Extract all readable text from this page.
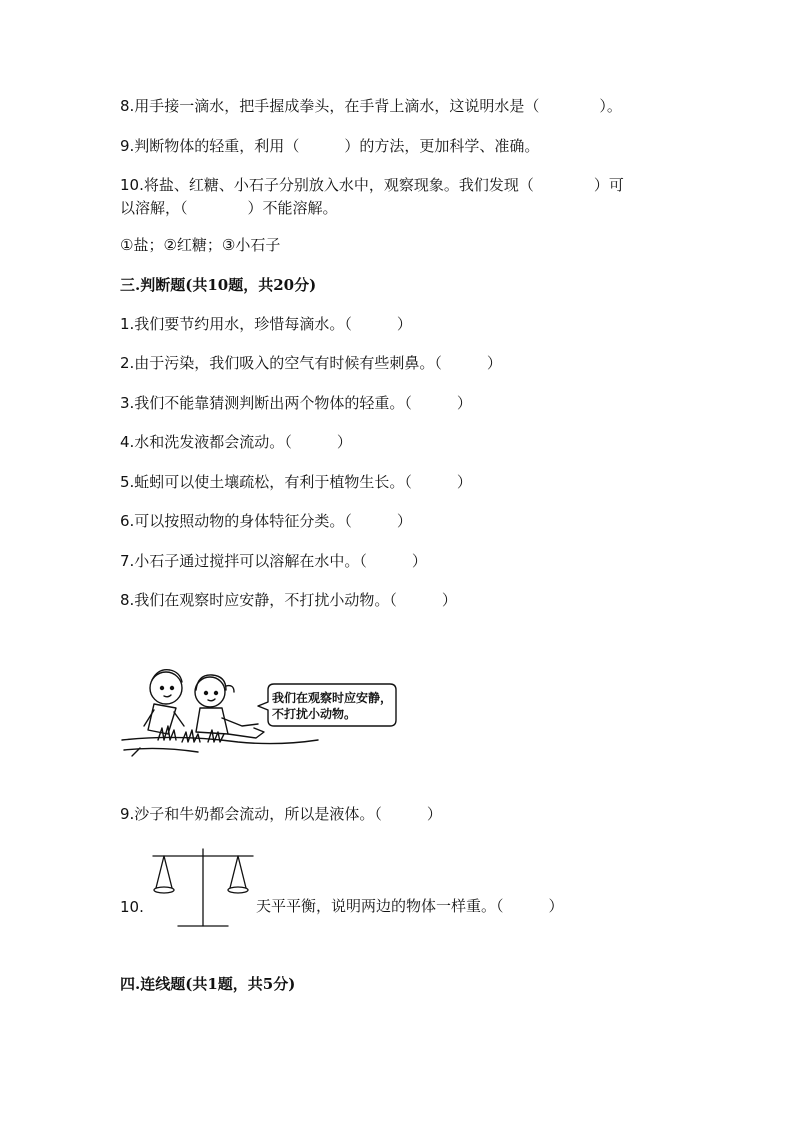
8.用手接一滴水，把手握成拳头，在手背上滴水，这说明水是（　　　　）。
9.判断物体的轻重，利用（　　　）的方法，更加科学、准确。
10.将盐、红糖、小石子分别放入水中，观察现象。我们发现（　　　　）可
以溶解，（　　　　）不能溶解。
①盐；②红糖；③小石子
三.判断题(共10题，共20分)
1.我们要节约用水，珍惜每滴水。（　　　）
2.由于污染，我们吸入的空气有时候有些刺鼻。（　　　）
3.我们不能靠猜测判断出两个物体的轻重。（　　　）
4.水和洗发液都会流动。（　　　）
5.蚯蚓可以使土壤疏松，有利于植物生长。（　　　）
6.可以按照动物的身体特征分类。（　　　）
7.小石子通过搅拌可以溶解在水中。（　　　）
8.我们在观察时应安静，不打扰小动物。（　　　）
我们在观察时应安静，
不打扰小动物。
9.沙子和牛奶都会流动，所以是液体。（　　　）
10.	天平平衡，说明两边的物体一样重。（　　　）
四.连线题(共1题，共5分)
